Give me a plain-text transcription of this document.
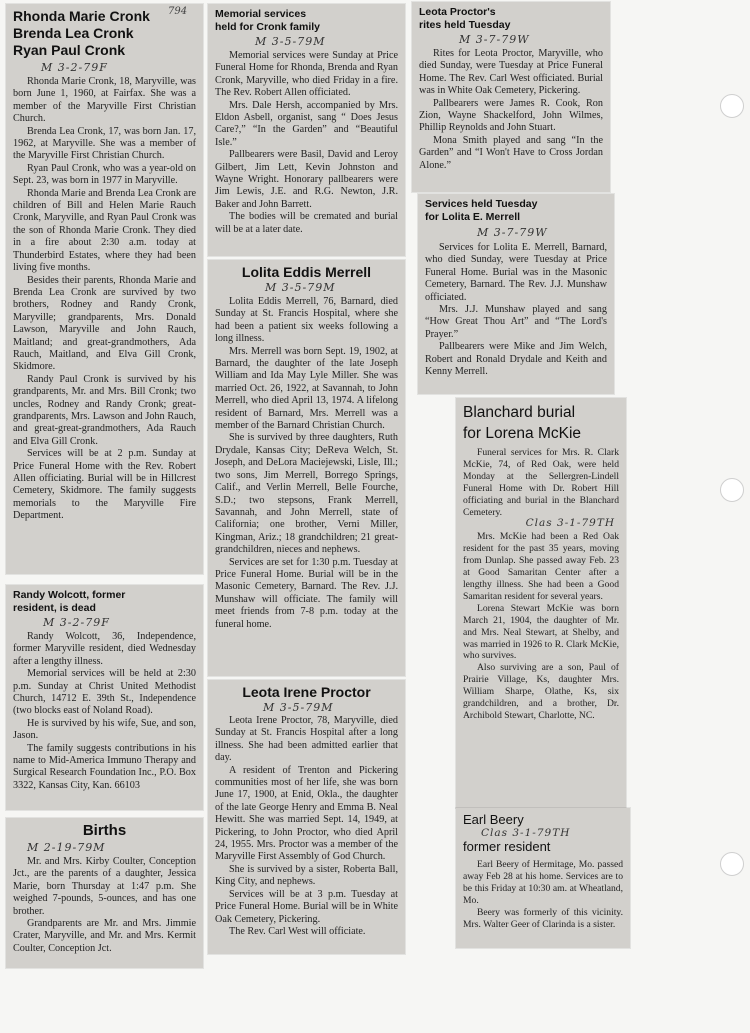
Rhonda Marie Cronk
Brenda Lea Cronk
Ryan Paul Cronk
794
M 3-2-79F

Rhonda Marie Cronk, 18, Maryville, was born June 1, 1960, at Fairfax. She was a member of the Maryville First Christian Church.

Brenda Lea Cronk, 17, was born Jan. 17, 1962, at Maryville. She was a member of the Maryville First Christian Church.

Ryan Paul Cronk, who was a year-old on Sept. 23, was born in 1977 in Maryville.

Rhonda Marie and Brenda Lea Cronk are children of Bill and Helen Marie Rauch Cronk, Maryville, and Ryan Paul Cronk was the son of Rhonda Marie Cronk. They died in a fire about 2:30 a.m. today at Thunderbird Estates, where they had been living five months.

Besides their parents, Rhonda Marie and Brenda Lea Cronk are survived by two brothers, Rodney and Randy Cronk, Maryville; grandparents, Mrs. Donald Lawson, Maryville and John Rauch, Maitland; and great-grandmothers, Ada Rauch, Maitland, and Elva Gill Cronk, Skidmore.

Randy Paul Cronk is survived by his grandparents, Mr. and Mrs. Bill Cronk; two uncles, Rodney and Randy Cronk; great-grandparents, Mrs. Lawson and John Rauch, and great-great-grandmothers, Ada Rauch and Elva Gill Cronk.

Services will be at 2 p.m. Sunday at Price Funeral Home with the Rev. Robert Allen officiating. Burial will be in Hillcrest Cemetery, Skidmore. The family suggests memorials to the Maryville Fire Department.

Randy Wolcott, former
resident, is dead
M 3-2-79F

Randy Wolcott, 36, Independence, former Maryville resident, died Wednesday after a lengthy illness.

Memorial services will be held at 2:30 p.m. Sunday at Christ United Methodist Church, 14712 E. 39th St., Independence (two blocks east of Noland Road).

He is survived by his wife, Sue, and son, Jason.

The family suggests contributions in his name to Mid-America Immuno Therapy and Surgical Research Foundation Inc., P.O. Box 3322, Kansas City, Kan. 66103

Births
M 2-19-79M

Mr. and Mrs. Kirby Coulter, Conception Jct., are the parents of a daughter, Jessica Marie, born Thursday at 1:47 p.m. She weighed 7-pounds, 5-ounces, and has one brother.

Grandparents are Mr. and Mrs. Jimmie Crater, Maryville, and Mr. and Mrs. Kermit Coulter, Conception Jct.

Memorial services
held for Cronk family
M 3-5-79M

Memorial services were Sunday at Price Funeral Home for Rhonda, Brenda and Ryan Cronk, Maryville, who died Friday in a fire. The Rev. Robert Allen officiated.

Mrs. Dale Hersh, accompanied by Mrs. Eldon Asbell, organist, sang “ Does Jesus Care?,” “In the Garden” and “Beautiful Isle.”

Pallbearers were Basil, David and Leroy Gilbert, Jim Lett, Kevin Johnston and Wayne Wright. Honorary pallbearers were Jim Lewis, J.E. and R.G. Newton, J.R. Baker and John Barrett.

The bodies will be cremated and burial will be at a later date.

Lolita Eddis Merrell
M 3-5-79M

Lolita Eddis Merrell, 76, Barnard, died Sunday at St. Francis Hospital, where she had been a patient six weeks following a long illness.

Mrs. Merrell was born Sept. 19, 1902, at Barnard, the daughter of the late Joseph William and Ida May Lyle Miller. She was married Oct. 26, 1922, at Savannah, to John Merrell, who died April 13, 1974. A lifelong resident of Barnard, Mrs. Merrell was a member of the Barnard Christian Church.

She is survived by three daughters, Ruth Drydale, Kansas City; DeReva Welch, St. Joseph, and DeLora Maciejewski, Lisle, Ill.; two sons, Jim Merrell, Borrego Springs, Calif., and Verlin Merrell, Belle Fourche, S.D.; two stepsons, Frank Merrell, Savannah, and John Merrell, state of California; one brother, Verni Miller, Kingman, Ariz.; 18 grandchildren; 21 great-grandchildren, nieces and nephews.

Services are set for 1:30 p.m. Tuesday at Price Funeral Home. Burial will be in the Masonic Cemetery, Barnard. The Rev. J.J. Munshaw will officiate. The family will meet friends from 7-8 p.m. today at the funeral home.

Leota Irene Proctor
M 3-5-79M

Leota Irene Proctor, 78, Maryville, died Sunday at St. Francis Hospital after a long illness. She had been admitted earlier that day.

A resident of Trenton and Pickering communities most of her life, she was born June 17, 1900, at Enid, Okla., the daughter of the late George Henry and Emma B. Neal Hewitt. She was married Sept. 14, 1949, at Pickering, to John Proctor, who died April 24, 1955. Mrs. Proctor was a member of the Maryville First Assembly of God Church.

She is survived by a sister, Roberta Ball, King City, and nephews.

Services will be at 3 p.m. Tuesday at Price Funeral Home. Burial will be in White Oak Cemetery, Pickering.

The Rev. Carl West will officiate.

Leota Proctor's
rites held Tuesday
M 3-7-79W

Rites for Leota Proctor, Maryville, who died Sunday, were Tuesday at Price Funeral Home. The Rev. Carl West officiated. Burial was in White Oak Cemetery, Pickering.

Pallbearers were James R. Cook, Ron Zion, Wayne Shackelford, John Wilmes, Phillip Reynolds and John Stuart.

Mona Smith played and sang “In the Garden” and “I Won't Have to Cross Jordan Alone.”

Services held Tuesday
for Lolita E. Merrell
M 3-7-79W

Services for Lolita E. Merrell, Barnard, who died Sunday, were Tuesday at Price Funeral Home. Burial was in the Masonic Cemetery, Barnard. The Rev. J.J. Munshaw officiated.

Mrs. J.J. Munshaw played and sang “How Great Thou Art” and “The Lord's Prayer.”

Pallbearers were Mike and Jim Welch, Robert and Ronald Drydale and Keith and Kenny Merrell.

Blanchard burial
for Lorena McKie

Funeral services for Mrs. R. Clark McKie, 74, of Red Oak, were held Monday at the Sellergren-Lindell Funeral Home with Dr. Robert Hill officiating and burial in the Blanchard Cemetery.

Clas 3-1-79TH

Mrs. McKie had been a Red Oak resident for the past 35 years, moving from Dunlap. She passed away Feb. 23 at Good Samaritan Center after a lengthy illness. She had been a Good Samaritan resident for several years.

Lorena Stewart McKie was born March 21, 1904, the daughter of Mr. and Mrs. Neal Stewart, at Shelby, and was married in 1926 to R. Clark McKie, who survives.

Also surviving are a son, Paul of Prairie Village, Ks, daughter Mrs. William Sharpe, Olathe, Ks, six grandchildren, and a brother, Dr. Archibold Stewart, Charlotte, NC.

Earl Beery
Clas 3-1-79TH
former resident

Earl Beery of Hermitage, Mo. passed away Feb 28 at his home. Services are to be this Friday at 10:30 am. at Wheatland, Mo.

Beery was formerly of this vicinity. Mrs. Walter Geer of Clarinda is a sister.
